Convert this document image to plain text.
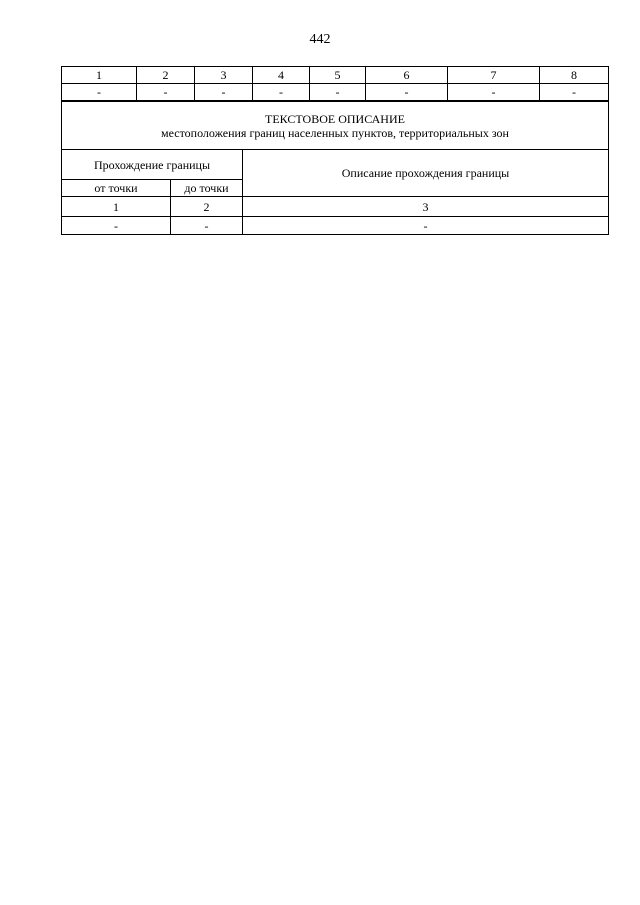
442
1	2	3	4	5	6	7	8
-	-	-	-	-	-	-	-
ТЕКСТОВОЕ ОПИСАНИЕ
местоположения границ населенных пунктов, территориальных зон		

Прохождение границы		Описание прохождения границы
от точки	до точки	
1	2	3
-	-	-
